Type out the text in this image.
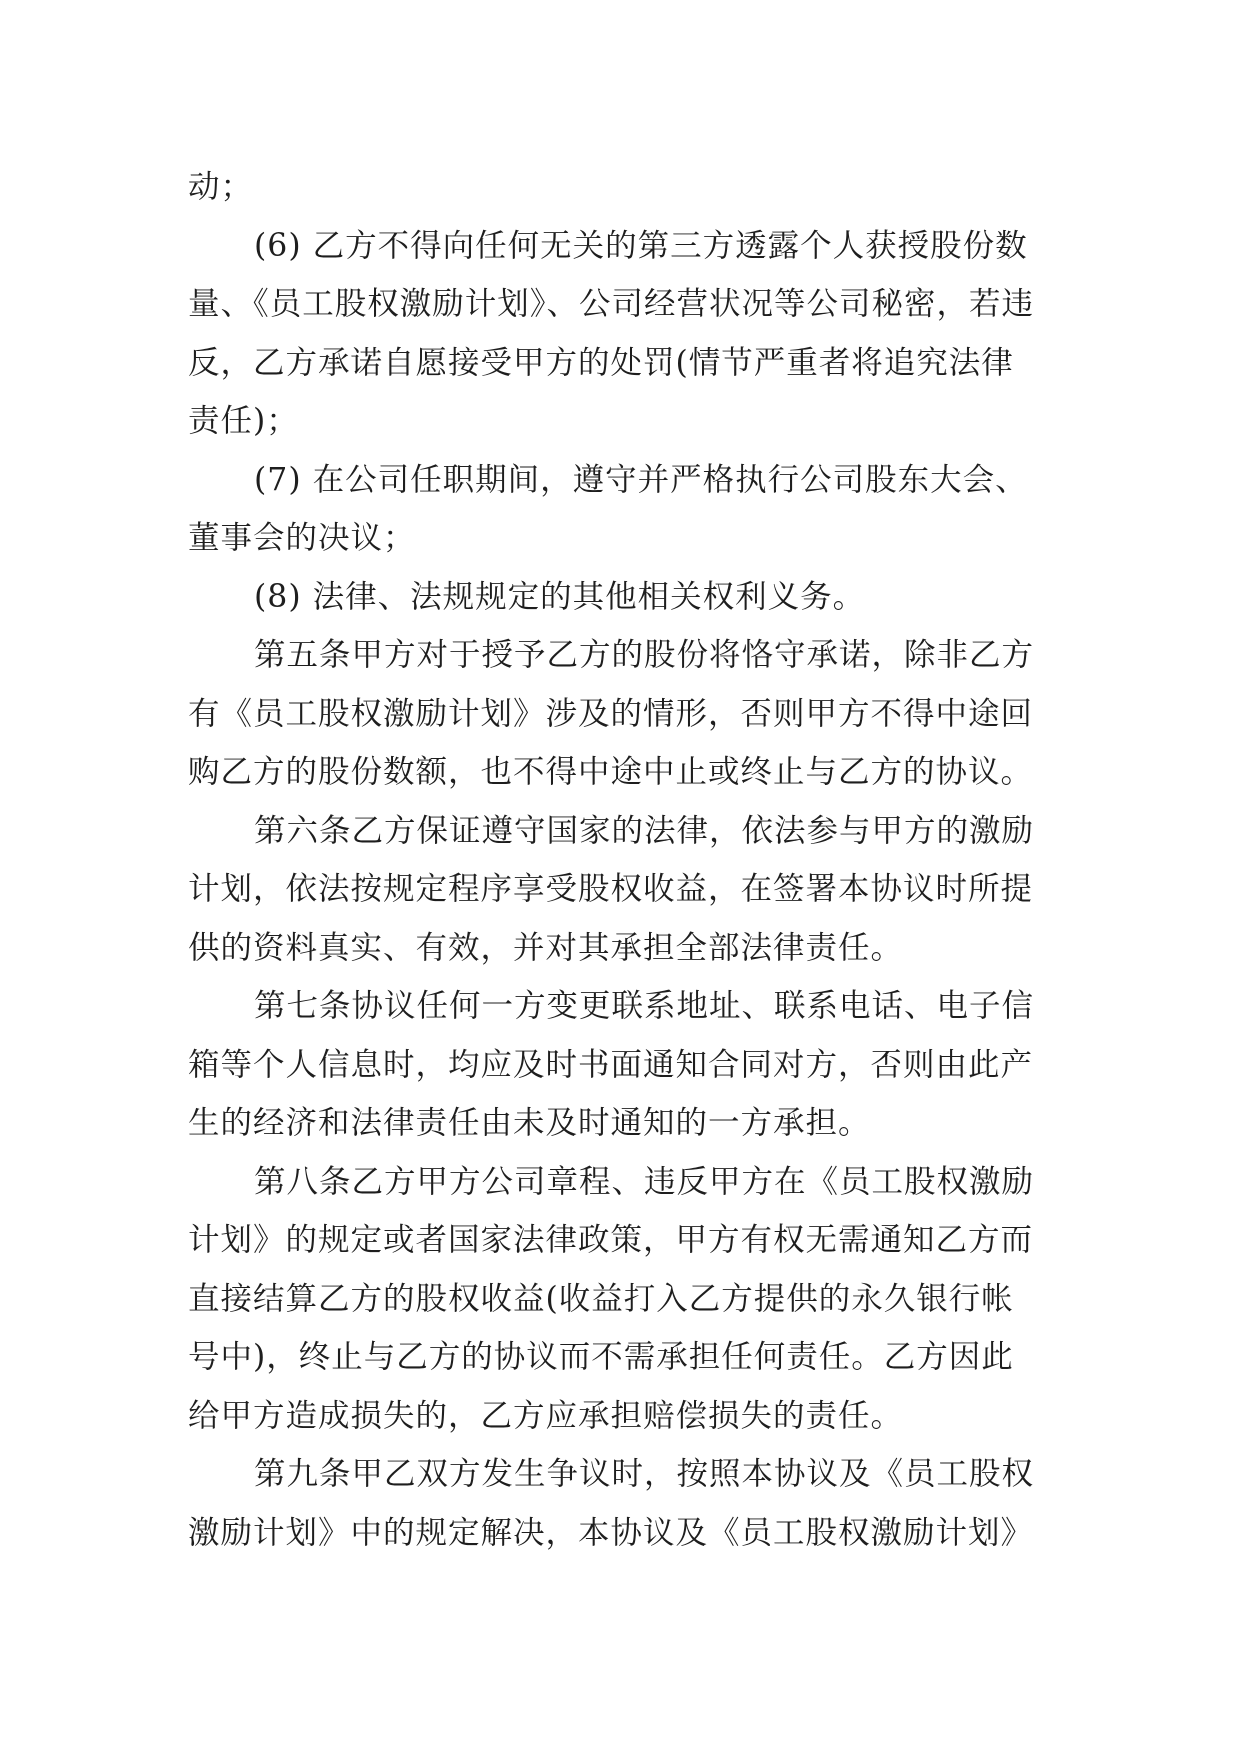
动；
(6) 乙方不得向任何无关的第三方透露个人获授股份数
量、《员工股权激励计划》、公司经营状况等公司秘密，若违
反，乙方承诺自愿接受甲方的处罚(情节严重者将追究法律
责任)；
(7) 在公司任职期间，遵守并严格执行公司股东大会、
董事会的决议；
(8) 法律、法规规定的其他相关权利义务。
第五条甲方对于授予乙方的股份将恪守承诺，除非乙方
有《员工股权激励计划》涉及的情形，否则甲方不得中途回
购乙方的股份数额，也不得中途中止或终止与乙方的协议。
第六条乙方保证遵守国家的法律，依法参与甲方的激励
计划，依法按规定程序享受股权收益，在签署本协议时所提
供的资料真实、有效，并对其承担全部法律责任。
第七条协议任何一方变更联系地址、联系电话、电子信
箱等个人信息时，均应及时书面通知合同对方，否则由此产
生的经济和法律责任由未及时通知的一方承担。
第八条乙方甲方公司章程、违反甲方在《员工股权激励
计划》的规定或者国家法律政策，甲方有权无需通知乙方而
直接结算乙方的股权收益(收益打入乙方提供的永久银行帐
号中)，终止与乙方的协议而不需承担任何责任。乙方因此
给甲方造成损失的，乙方应承担赔偿损失的责任。
第九条甲乙双方发生争议时，按照本协议及《员工股权
激励计划》中的规定解决，本协议及《员工股权激励计划》
